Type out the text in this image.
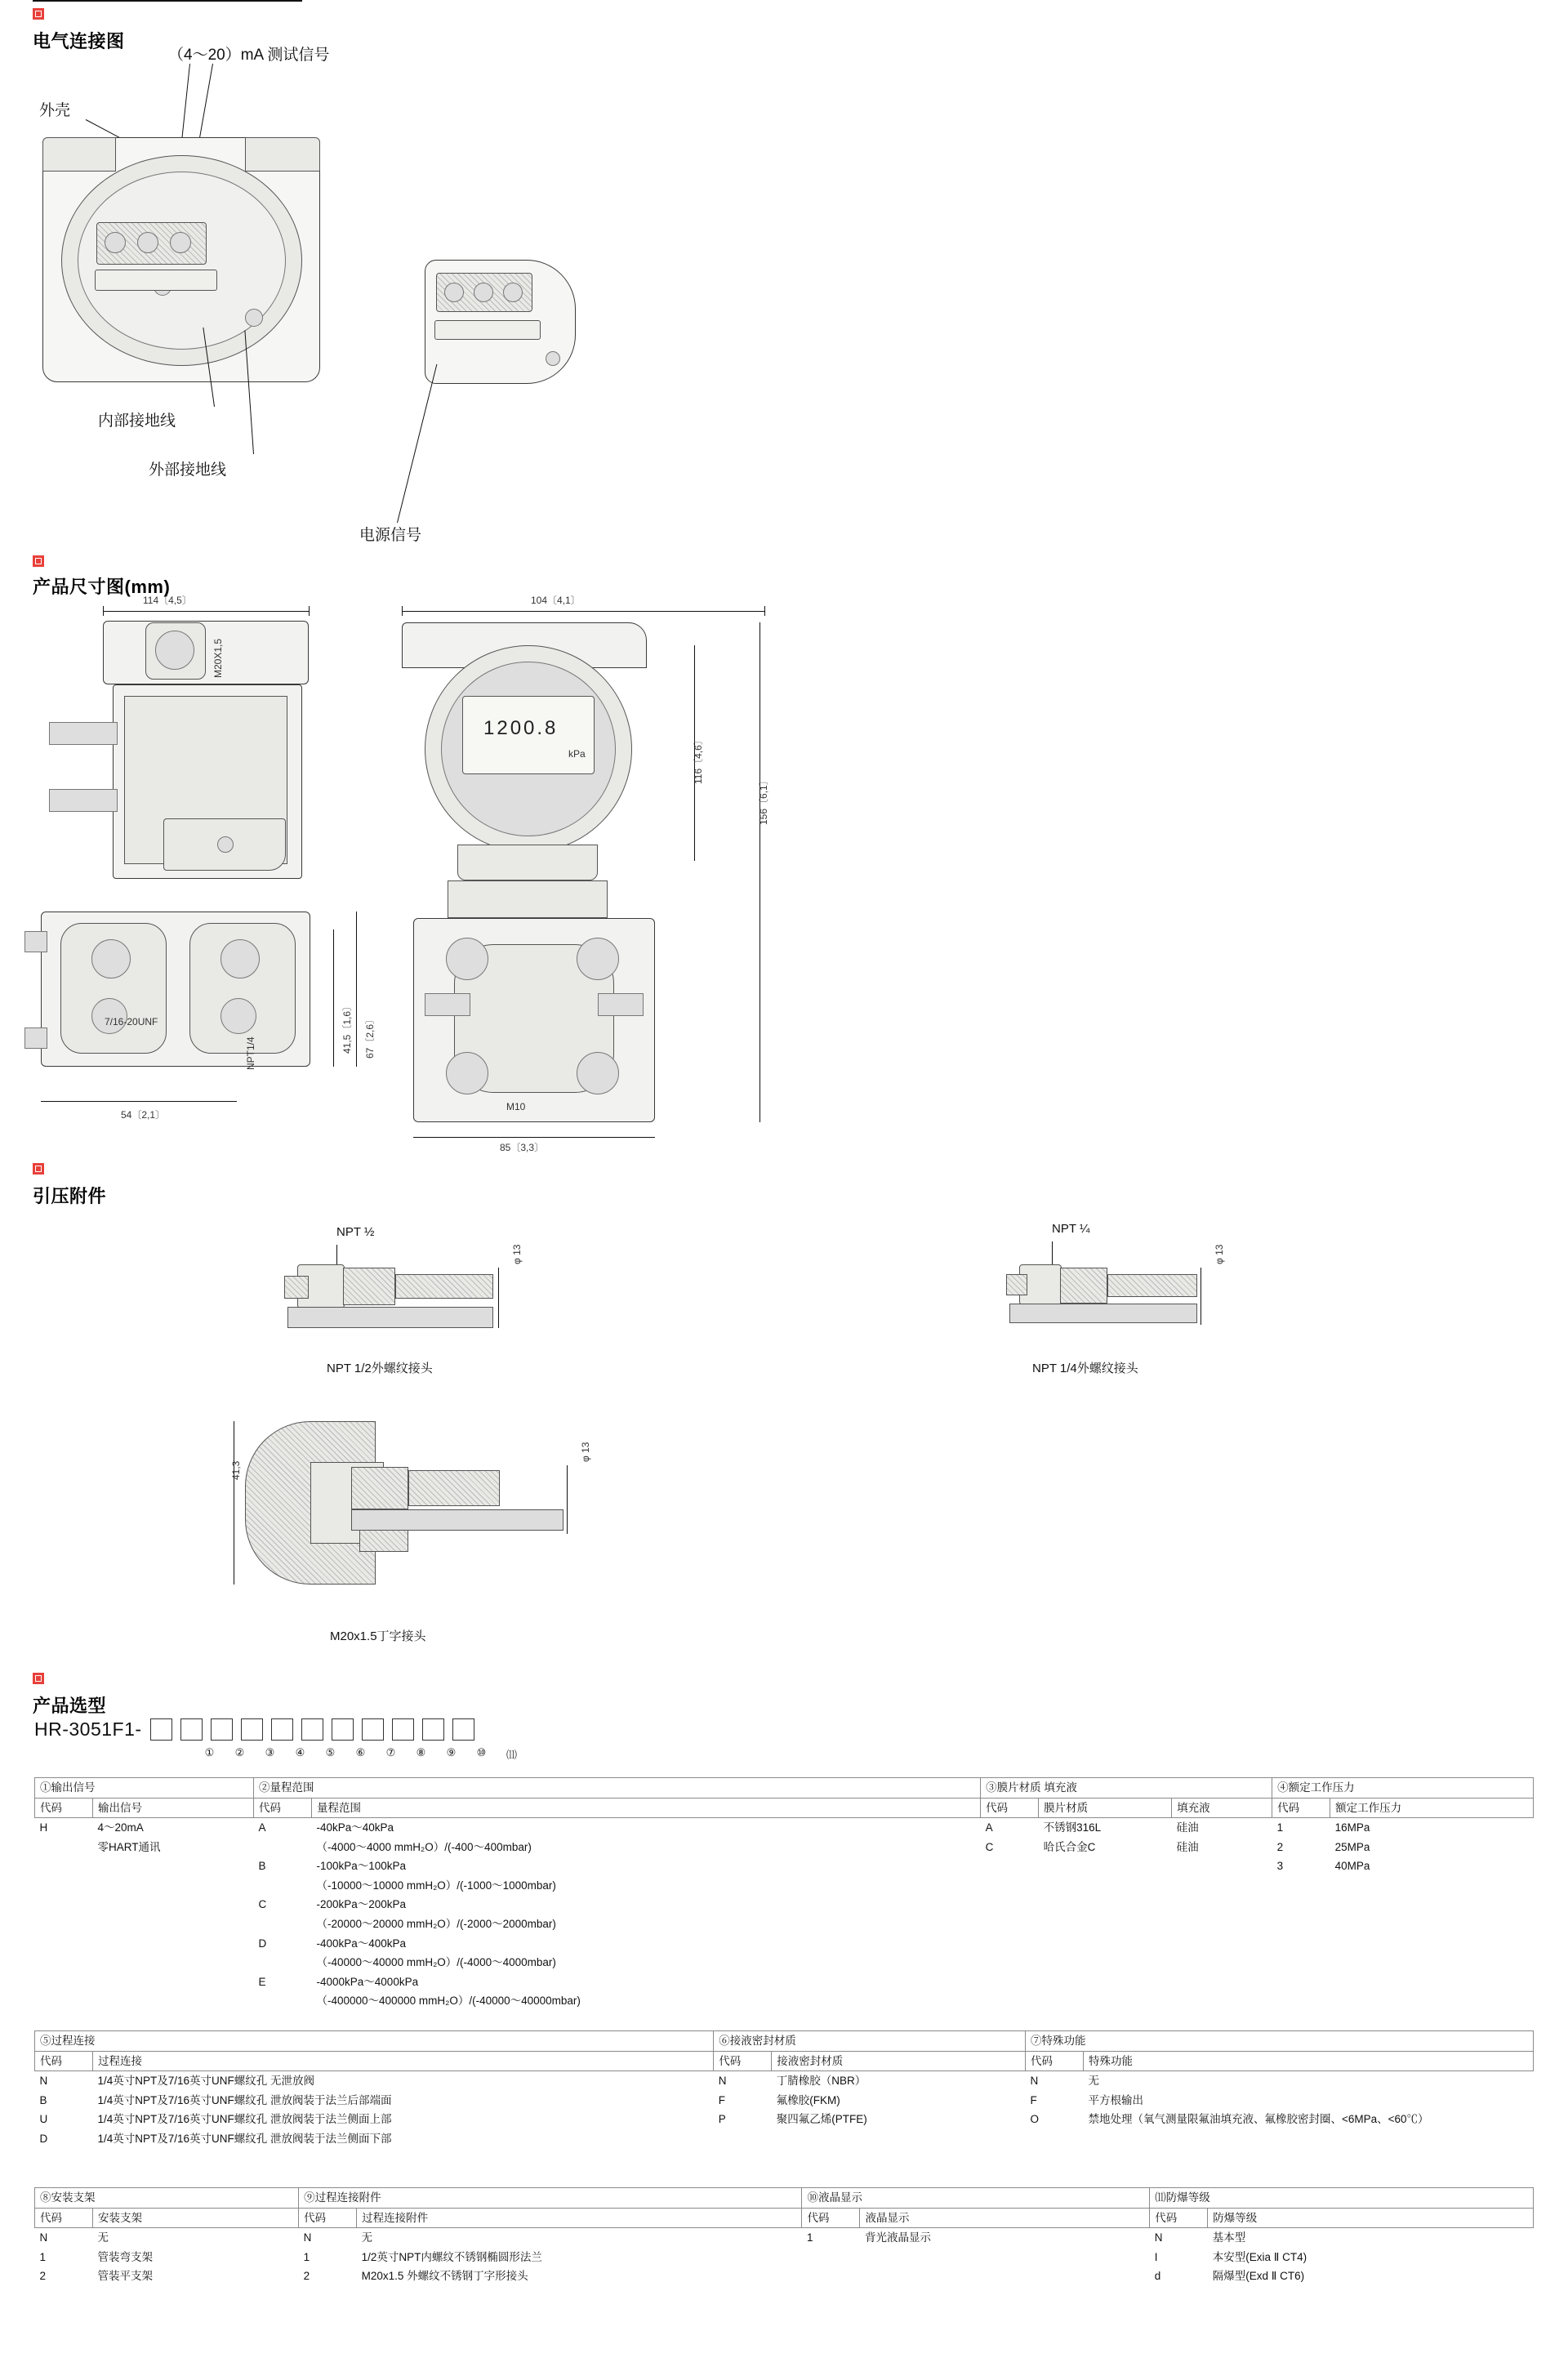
电气连接图
（4～20）mA 测试信号
外壳
内部接地线
外部接地线
电源信号
产品尺寸图(mm)
114〔4,5〕
M20X1,5
7/16-20UNF	41,5〔1,6〕 67〔2,6〕
54〔2,1〕
NPT1/4
104〔4,1〕
1200.8
kPa	116〔4,6〕
156〔6,1〕
M10
85〔3,3〕
引压附件
NPT ½
φ 13
NPT 1/2外螺纹接头
NPT ¼
φ 13
NPT 1/4外螺纹接头
φ 13
41,3
M20x1.5丁字接头
产品选型
HR-3051F1-
①	②	③	④	⑤	⑥	⑦	⑧	⑨	⑩	⑾
①输出信号		②量程范围		③膜片材质 填充液			④额定工作压力	
代码	输出信号	代码	量程范围	代码	膜片材质	填充液	代码	额定工作压力
H	4～20mA	A	-40kPa～40kPa	A	不锈钢316L	硅油	1	16MPa
	零HART通讯		（-4000～4000 mmH₂O）/(-400～400mbar)	C	哈氏合金C	硅油	2	25MPa
		B	-100kPa～100kPa				3	40MPa
			（-10000～10000 mmH₂O）/(-1000～1000mbar)					
		C	-200kPa～200kPa					
			（-20000～20000 mmH₂O）/(-2000～2000mbar)					
		D	-400kPa～400kPa					
			（-40000～40000 mmH₂O）/(-4000～4000mbar)					
		E	-4000kPa～4000kPa					
			（-400000～400000 mmH₂O）/(-40000～40000mbar)					
⑤过程连接		⑥接液密封材质		⑦特殊功能	
代码	过程连接	代码	接液密封材质	代码	特殊功能
N	1/4英寸NPT及7/16英寸UNF螺纹孔 无泄放阀	N	丁腈橡胶（NBR）	N	无
B	1/4英寸NPT及7/16英寸UNF螺纹孔 泄放阀装于法兰后部端面	F	氟橡胶(FKM)	F	平方根输出
U	1/4英寸NPT及7/16英寸UNF螺纹孔 泄放阀装于法兰侧面上部	P	聚四氟乙烯(PTFE)	O	禁地处理（氧气测量限氟油填充液、氟橡胶密封圈、<6MPa、<60℃）
D	1/4英寸NPT及7/16英寸UNF螺纹孔 泄放阀装于法兰侧面下部				
⑧安装支架		⑨过程连接附件		⑩液晶显示		⑾防爆等级	
代码	安装支架	代码	过程连接附件	代码	液晶显示	代码	防爆等级
N	无	N	无	1	背光液晶显示	N	基本型
1	管装弯支架	1	1/2英寸NPT内螺纹不锈钢椭圆形法兰			I	本安型(Exia Ⅱ CT4)
2	管装平支架	2	M20x1.5 外螺纹不锈钢丁字形接头			d	隔爆型(Exd Ⅱ CT6)
